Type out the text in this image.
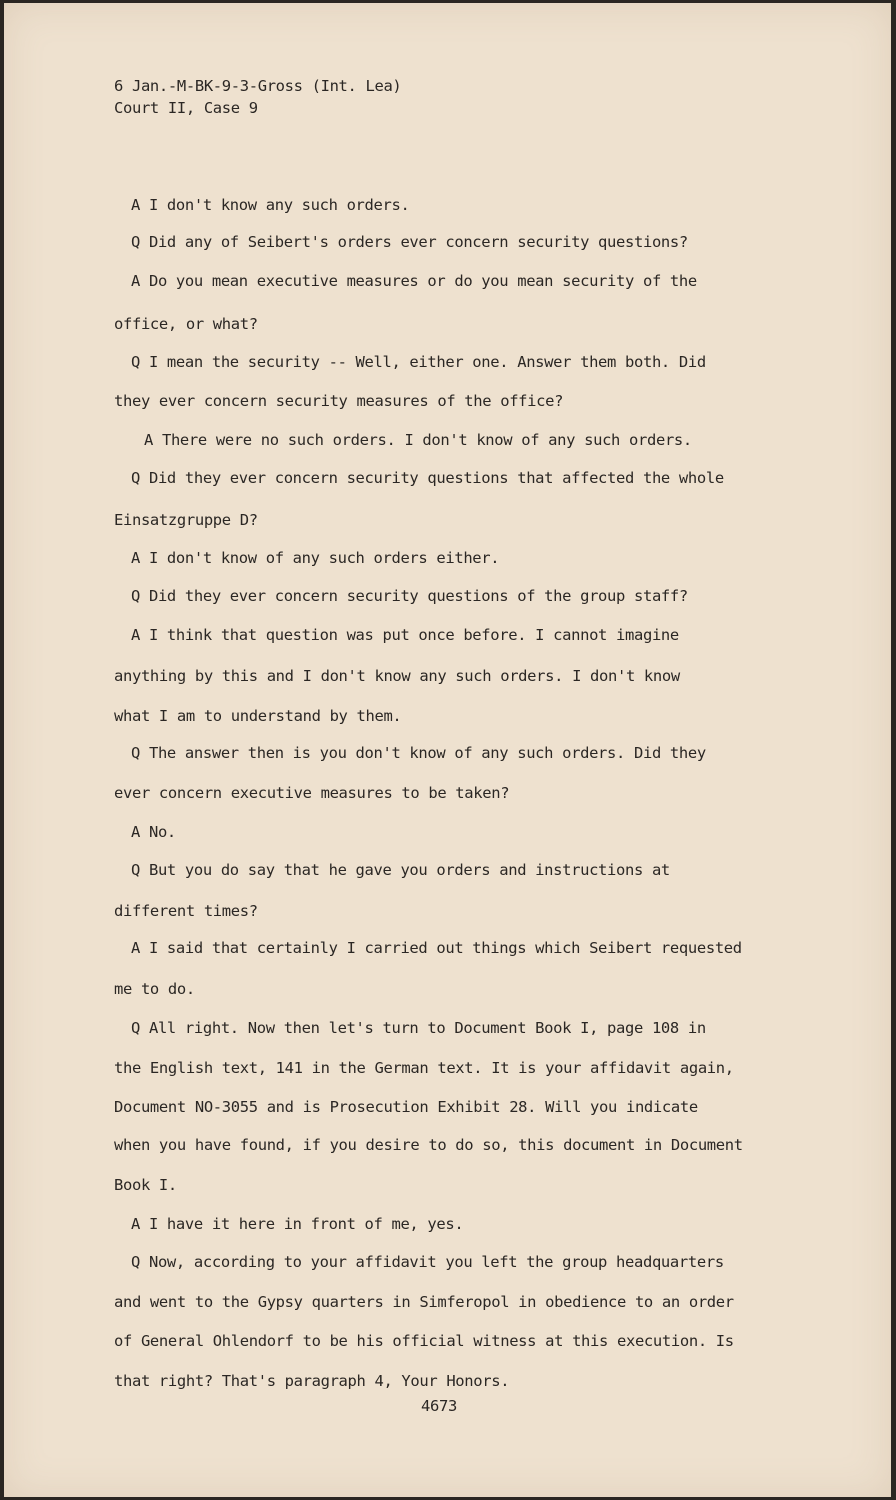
6 Jan.-M-BK-9-3-Gross (Int. Lea)

Court II, Case 9

A I don't know any such orders.

Q Did any of Seibert's orders ever concern security questions?

A Do you mean executive measures or do you mean security of the

office, or what?

Q I mean the security -- Well, either one. Answer them both. Did

they ever concern security measures of the office?

A There were no such orders. I don't know of any such orders.

Q Did they ever concern security questions that affected the whole

Einsatzgruppe D?

A I don't know of any such orders either.

Q Did they ever concern security questions of the group staff?

A I think that question was put once before. I cannot imagine

anything by this and I don't know any such orders. I don't know

what I am to understand by them.

Q The answer then is you don't know of any such orders. Did they

ever concern executive measures to be taken?

A No.

Q But you do say that he gave you orders and instructions at

different times?

A I said that certainly I carried out things which Seibert requested

me to do.

Q All right. Now then let's turn to Document Book I, page 108 in

the English text, 141 in the German text. It is your affidavit again,

Document NO-3055 and is Prosecution Exhibit 28. Will you indicate

when you have found, if you desire to do so, this document in Document

Book I.

A I have it here in front of me, yes.

Q Now, according to your affidavit you left the group headquarters

and went to the Gypsy quarters in Simferopol in obedience to an order

of General Ohlendorf to be his official witness at this execution. Is

that right? That's paragraph 4, Your Honors.

4673
